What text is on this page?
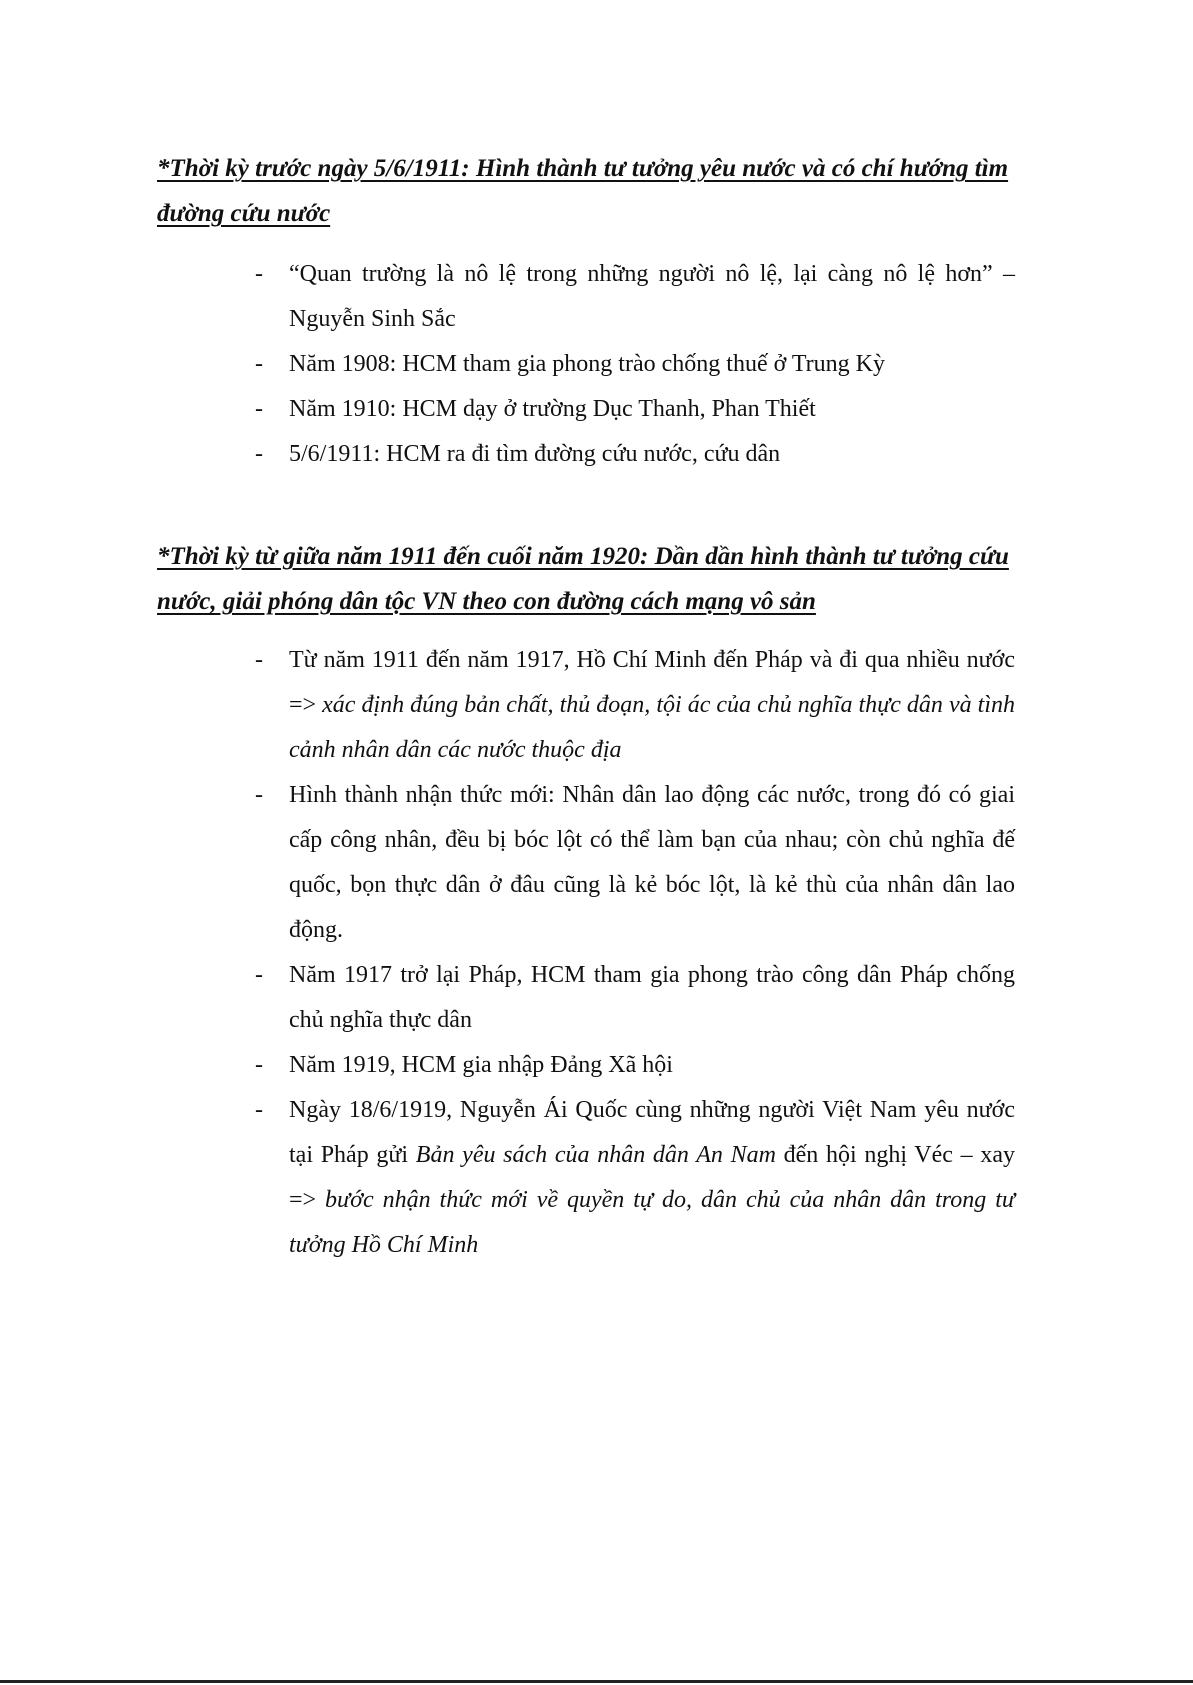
*Thời kỳ trước ngày 5/6/1911: Hình thành tư tưởng yêu nước và có chí hướng tìm đường cứu nước
- “Quan trường là nô lệ trong những người nô lệ, lại càng nô lệ hơn” – Nguyễn Sinh Sắc
- Năm 1908: HCM tham gia phong trào chống thuế ở Trung Kỳ
- Năm 1910: HCM dạy ở trường Dục Thanh, Phan Thiết
- 5/6/1911: HCM ra đi tìm đường cứu nước, cứu dân
*Thời kỳ từ giữa năm 1911 đến cuối năm 1920: Dần dần hình thành tư tưởng cứu nước, giải phóng dân tộc VN theo con đường cách mạng vô sản
- Từ năm 1911 đến năm 1917, Hồ Chí Minh đến Pháp và đi qua nhiều nước => xác định đúng bản chất, thủ đoạn, tội ác của chủ nghĩa thực dân và tình cảnh nhân dân các nước thuộc địa
- Hình thành nhận thức mới: Nhân dân lao động các nước, trong đó có giai cấp công nhân, đều bị bóc lột có thể làm bạn của nhau; còn chủ nghĩa đế quốc, bọn thực dân ở đâu cũng là kẻ bóc lột, là kẻ thù của nhân dân lao động.
- Năm 1917 trở lại Pháp, HCM tham gia phong trào công dân Pháp chống chủ nghĩa thực dân
- Năm 1919, HCM gia nhập Đảng Xã hội
- Ngày 18/6/1919, Nguyễn Ái Quốc cùng những người Việt Nam yêu nước tại Pháp gửi Bản yêu sách của nhân dân An Nam đến hội nghị Véc – xay => bước nhận thức mới về quyền tự do, dân chủ của nhân dân trong tư tưởng Hồ Chí Minh
